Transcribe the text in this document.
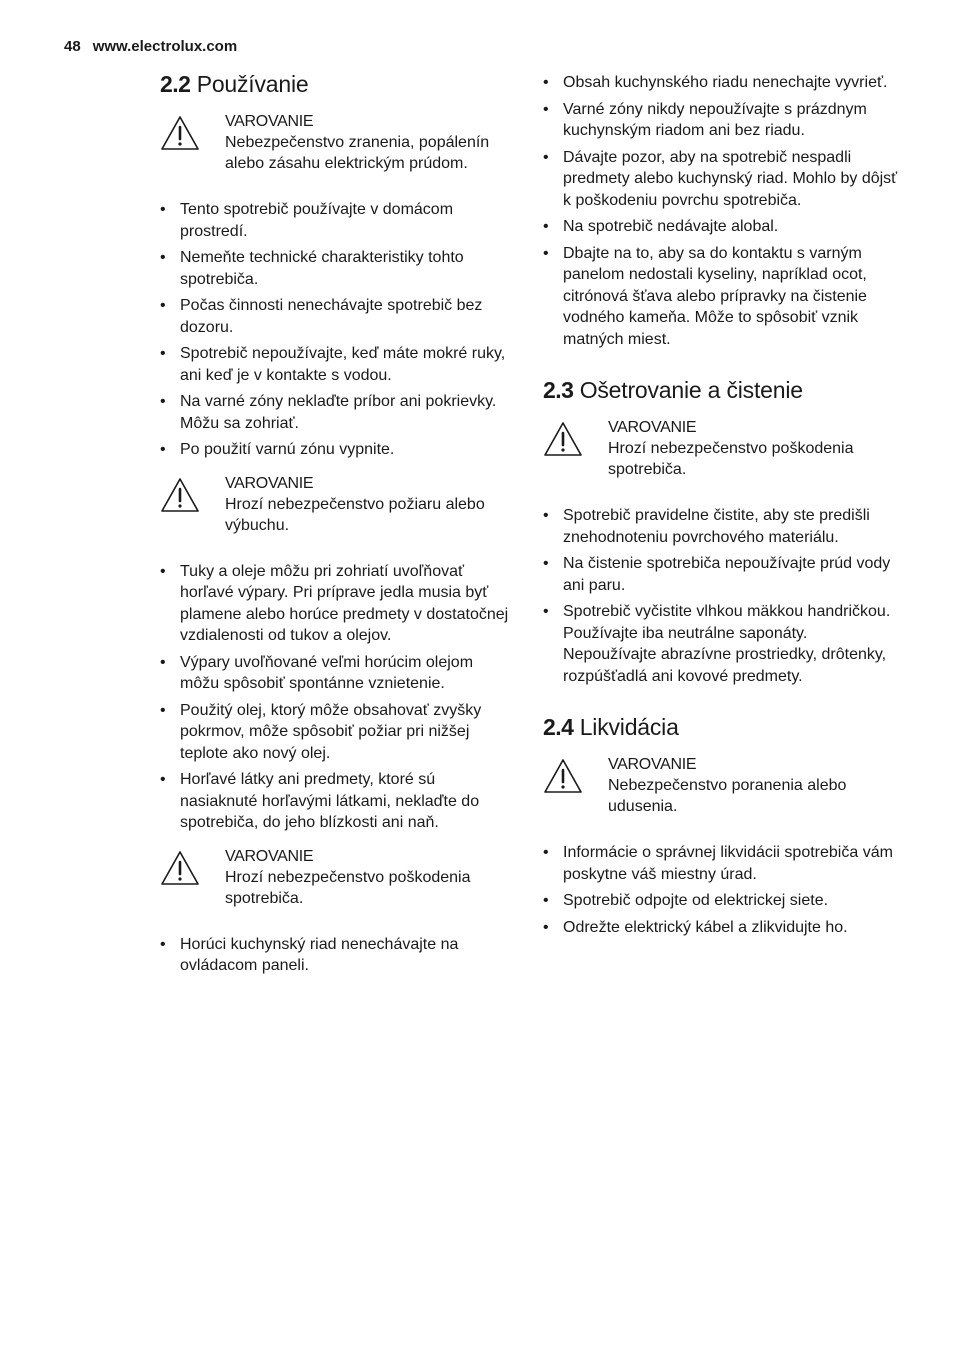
48 www.electrolux.com
2.2 Používanie
VAROVANIE
Nebezpečenstvo zranenia, popálenín alebo zásahu elektrickým prúdom.
• Tento spotrebič používajte v domácom prostredí.
• Nemeňte technické charakteristiky tohto spotrebiča.
• Počas činnosti nenechávajte spotrebič bez dozoru.
• Spotrebič nepoužívajte, keď máte mokré ruky, ani keď je v kontakte s vodou.
• Na varné zóny neklaďte príbor ani pokrievky. Môžu sa zohriať.
• Po použití varnú zónu vypnite.
VAROVANIE
Hrozí nebezpečenstvo požiaru alebo výbuchu.
• Tuky a oleje môžu pri zohriatí uvoľňovať horľavé výpary. Pri príprave jedla musia byť plamene alebo horúce predmety v dostatočnej vzdialenosti od tukov a olejov.
• Výpary uvoľňované veľmi horúcim olejom môžu spôsobiť spontánne vznietenie.
• Použitý olej, ktorý môže obsahovať zvyšky pokrmov, môže spôsobiť požiar pri nižšej teplote ako nový olej.
• Horľavé látky ani predmety, ktoré sú nasiaknuté horľavými látkami, neklaďte do spotrebiča, do jeho blízkosti ani naň.
VAROVANIE
Hrozí nebezpečenstvo poškodenia spotrebiča.
• Horúci kuchynský riad nenechávajte na ovládacom paneli.
• Obsah kuchynského riadu nenechajte vyvrieť.
• Varné zóny nikdy nepoužívajte s prázdnym kuchynským riadom ani bez riadu.
• Dávajte pozor, aby na spotrebič nespadli predmety alebo kuchynský riad. Mohlo by dôjsť k poškodeniu povrchu spotrebiča.
• Na spotrebič nedávajte alobal.
• Dbajte na to, aby sa do kontaktu s varným panelom nedostali kyseliny, napríklad ocot, citrónová šťava alebo prípravky na čistenie vodného kameňa. Môže to spôsobiť vznik matných miest.
2.3 Ošetrovanie a čistenie
VAROVANIE
Hrozí nebezpečenstvo poškodenia spotrebiča.
• Spotrebič pravidelne čistite, aby ste predišli znehodnoteniu povrchového materiálu.
• Na čistenie spotrebiča nepoužívajte prúd vody ani paru.
• Spotrebič vyčistite vlhkou mäkkou handričkou. Používajte iba neutrálne saponáty. Nepoužívajte abrazívne prostriedky, drôtenky, rozpúšťadlá ani kovové predmety.
2.4 Likvidácia
VAROVANIE
Nebezpečenstvo poranenia alebo udusenia.
• Informácie o správnej likvidácii spotrebiča vám poskytne váš miestny úrad.
• Spotrebič odpojte od elektrickej siete.
• Odrežte elektrický kábel a zlikvidujte ho.
